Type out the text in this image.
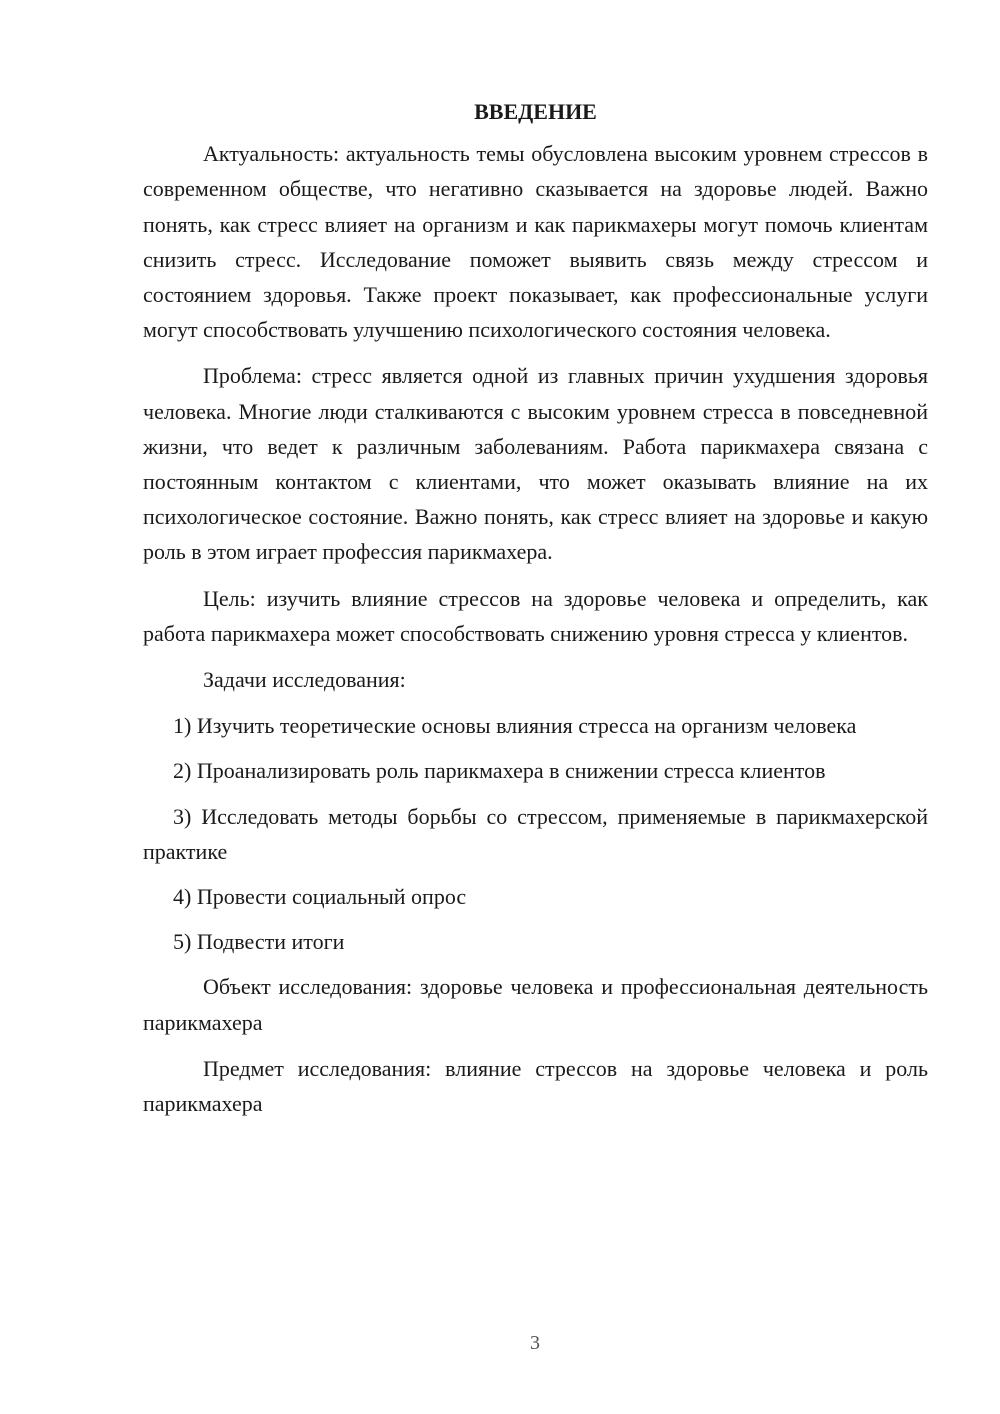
ВВЕДЕНИЕ

Актуальность: актуальность темы обусловлена высоким уровнем стрессов в современном обществе, что негативно сказывается на здоровье людей. Важно понять, как стресс влияет на организм и как парикмахеры могут помочь клиентам снизить стресс. Исследование поможет выявить связь между стрессом и состоянием здоровья. Также проект показывает, как профессиональные услуги могут способствовать улучшению психологического состояния человека.

Проблема: стресс является одной из главных причин ухудшения здоровья человека. Многие люди сталкиваются с высоким уровнем стресса в повседневной жизни, что ведет к различным заболеваниям. Работа парикмахера связана с постоянным контактом с клиентами, что может оказывать влияние на их психологическое состояние. Важно понять, как стресс влияет на здоровье и какую роль в этом играет профессия парикмахера.

Цель: изучить влияние стрессов на здоровье человека и определить, как работа парикмахера может способствовать снижению уровня стресса у клиентов.

Задачи исследования:

1) Изучить теоретические основы влияния стресса на организм человека

2) Проанализировать роль парикмахера в снижении стресса клиентов

3) Исследовать методы борьбы со стрессом, применяемые в парикмахерской практике

4) Провести социальный опрос

5) Подвести итоги

Объект исследования: здоровье человека и профессиональная деятельность парикмахера

Предмет исследования: влияние стрессов на здоровье человека и роль парикмахера

3
